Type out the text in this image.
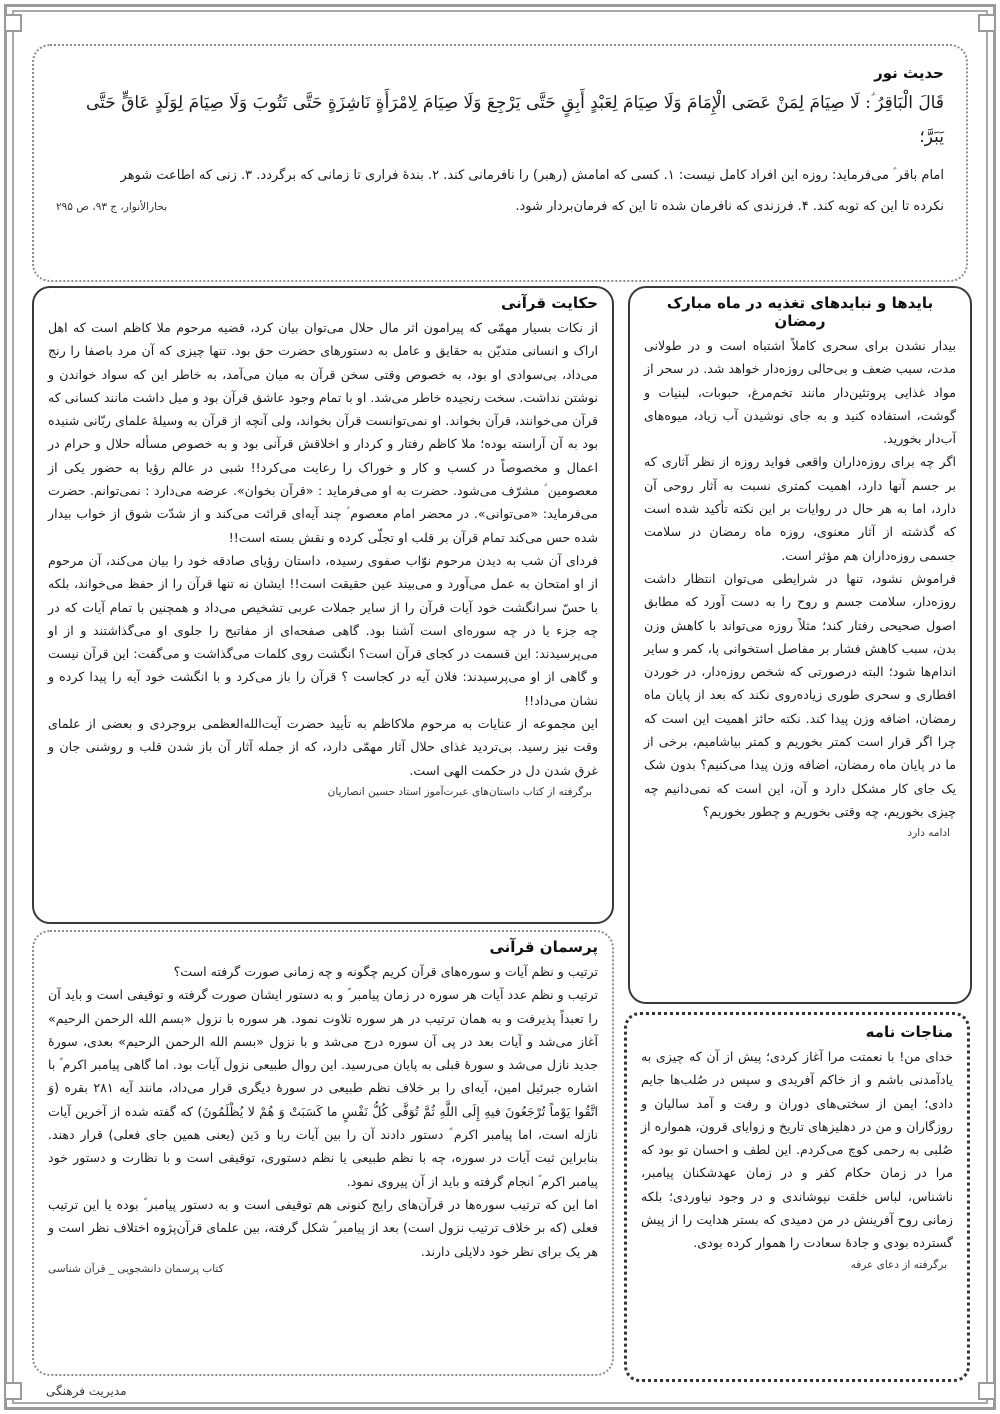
حدیث نور

قَالَ الْبَاقِرُ ؑ: لَا صِيَامَ لِمَنْ عَصَى الْإِمَامَ وَلَا صِيَامَ لِعَبْدٍ أَبِقٍ حَتَّى يَرْجِعَ وَلَا صِيَامَ لِامْرَأَةٍ نَاشِزَةٍ حَتَّى تَتُوبَ وَلَا صِيَامَ لِوَلَدٍ عَاقٍّ حَتَّى يَبَرَّ؛

امام باقر ؑ می‌فرماید: روزه این افراد کامل نیست: ۱. کسی که امامش (رهبر) را نافرمانی کند. ۲. بندهٔ فراری تا زمانی که برگردد. ۳. زنی که اطاعت شوهر

نکرده تا این که توبه کند. ۴. فرزندی که نافرمان شده تا این که فرمان‌بردار شود.

بحارالأنوار، ج ۹۳، ص ۲۹۵
حکایت قرآنی

از نکات بسیار مهمّی که پیرامون اثر مال حلال می‌توان بیان کرد، قضیه مرحوم ملا کاظم است که اهل اراک و انسانی متدیّن به حقایق و عامل به دستورهای حضرت حق بود. تنها چیزی که آن مرد باصفا را رنج می‌داد، بی‌سوادی او بود، به خصوص وقتی سخن قرآن به میان می‌آمد، به خاطر این که سواد خواندن و نوشتن نداشت. سخت رنجیده خاطر می‌شد. او با تمام وجود عاشق قرآن بود و میل داشت مانند کسانی که قرآن می‌خوانند، قرآن بخواند. او نمی‌توانست قرآن بخواند، ولی آنچه از قرآن به وسیلهٔ علمای ربّانی شنیده بود به آن آراسته بوده؛ ملا کاظم رفتار و کردار و اخلاقش قرآنی بود و به خصوص مسأله حلال و حرام در اعمال و مخصوصاً در کسب و کار و خوراک را رعایت می‌کرد!! شبی در عالم رؤیا به حضور یکی از معصومین ؑ مشرّف می‌شود. حضرت به او می‌فرماید : «قرآن بخوان». عرضه می‌دارد : نمی‌توانم. حضرت می‌فرماید: «می‌توانی». در محضر امام معصوم ؑ چند آیه‌ای قرائت می‌کند و از شدّت شوق از خواب بیدار شده حس می‌کند تمام قرآن بر قلب او تجلّی کرده و نقش بسته است!!

فردای آن شب به دیدن مرحوم نوّاب صفوی رسیده، داستان رؤیای صادقه خود را بیان می‌کند، آن مرحوم از او امتحان به عمل می‌آورد و می‌بیند عین حقیقت است!! ایشان نه تنها قرآن را از حفظ می‌خواند، بلکه با حسّ سرانگشت خود آیات قرآن را از سایر جملات عربی تشخیص می‌داد و همچنین با تمام آیات که در چه جزء یا در چه سوره‌ای است آشنا بود. گاهی صفحه‌ای از مفاتیح را جلوی او می‌گذاشتند و از او می‌پرسیدند: این قسمت در کجای قرآن است؟ انگشت روی کلمات می‌گذاشت و می‌گفت: این قرآن نیست و گاهی از او می‌پرسیدند: فلان آیه در کجاست ؟ قرآن را باز می‌کرد و با انگشت خود آیه را پیدا کرده و نشان می‌داد!!

این مجموعه از عنایات به مرحوم ملاکاظم به تأیید حضرت آیت‌الله‌العظمی بروجردی و بعضی از علمای وقت نیز رسید. بی‌تردید غذای حلال آثار مهمّی دارد، که از جمله آثار آن باز شدن قلب و روشنی جان و غرق شدن دل در حکمت الهی است.

برگرفته از کتاب داستان‌های عبرت‌آموز استاد حسین انصاریان
بایدها و نبایدهای تغذیه در ماه مبارک رمضان

بیدار نشدن برای سحری کاملاً اشتباه است و در طولانی مدت، سبب ضعف و بی‌حالی روزه‌دار خواهد شد. در سحر از مواد غذایی پروتئین‌دار مانند تخم‌مرغ، حبوبات، لبنیات و گوشت، استفاده کنید و به جای نوشیدن آب زیاد، میوه‌های آب‌دار بخورید.

اگر چه برای روزه‌داران واقعی فواید روزه از نظر آثاری که بر جسم آنها دارد، اهمیت کمتری نسبت به آثار روحی آن دارد، اما به هر حال در روایات بر این نکته تأکید شده است که گذشته از آثار معنوی، روزه ماه رمضان در سلامت جسمی روزه‌داران هم مؤثر است.

فراموش نشود، تنها در شرایطی می‌توان انتظار داشت روزه‌دار، سلامت جسم و روح را به دست آورد که مطابق اصول صحیحی رفتار کند؛ مثلاً روزه می‌تواند با کاهش وزن بدن، سبب کاهش فشار بر مفاصل استخوانی پا، کمر و سایر اندام‌ها شود؛ البته درصورتی که شخص روزه‌دار، در خوردن افطاری و سحری طوری زیاده‌روی نکند که بعد از پایان ماه رمضان، اضافه وزن پیدا کند. نکته حائز اهمیت این است که چرا اگر قرار است کمتر بخوریم و کمتر بیاشامیم، برخی از ما در پایان ماه رمضان، اضافه وزن پیدا می‌کنیم؟ بدون شک یک جای کار مشکل دارد و آن، این است که نمی‌دانیم چه چیزی بخوریم، چه وقتی بخوریم و چطور بخوریم؟

ادامه دارد
پرسمان قرآنی

ترتیب و نظم آیات و سوره‌های قرآن کریم چگونه و چه زمانی صورت گرفته است؟

ترتیب و نظم عدد آیات هر سوره در زمان پیامبر ؐ و به دستور ایشان صورت گرفته و توقیفی است و باید آن را تعبداً پذیرفت و به همان ترتیب در هر سوره تلاوت نمود. هر سوره با نزول «بسم الله الرحمن الرحیم» آغاز می‌شد و آیات بعد در پی آن سوره درج می‌شد و با نزول «بسم الله الرحمن الرحیم» بعدی، سورهٔ جدید نازل می‌شد و سورهٔ قبلی به پایان می‌رسید. این روال طبیعی نزول آیات بود. اما گاهی پیامبر اکرم ؐ با اشاره جبرئیل امین، آیه‌ای را بر خلاف نظم طبیعی در سورهٔ دیگری قرار می‌داد، مانند آیه ۲۸۱ بقره (وَ اتَّقُوا يَوْماً تُرْجَعُونَ فيهِ إِلَى اللَّهِ ثُمَّ تُوَفَّى كُلُّ نَفْسٍ ما كَسَبَتْ وَ هُمْ لا يُظْلَمُونَ) که گفته شده از آخرین آیات نازله است، اما پیامبر اکرم ؐ دستور دادند آن را بین آیات ربا و دَین (یعنی همین جای فعلی) قرار دهند. بنابراین ثبت آیات در سوره، چه با نظم طبیعی یا نظم دستوری، توقیفی است و با نظارت و دستور خود پیامبر اکرم ؐ انجام گرفته و باید از آن پیروی نمود.

اما این که ترتیب سوره‌ها در قرآن‌های رایج کنونی هم توقیفی است و به دستور پیامبر ؐ بوده یا این ترتیب فعلی (که بر خلاف ترتیب نزول است) بعد از پیامبر ؐ شکل گرفته، بین علمای قرآن‌پژوه اختلاف نظر است و هر یک برای نظر خود دلایلی دارند.

کتاب پرسمان دانشجویی _ قرآن شناسی
مناجات نامه

خدای من! با نعمتت مرا آغاز کردی؛ پیش از آن که چیزی به یادآمدنی باشم و از خاکم آفریدی و سپس در صُلب‌ها جایم دادی؛ ایمن از سختی‌های دوران و رفت و آمد سالیان و روزگاران و من در دهلیزهای تاریخ و زوایای قرون، همواره از صُلبی به رحمی کوچ می‌کردم. این لطف و احسان تو بود که مرا در زمان حکام کفر و در زمان عهدشکنان پیامبر، ناشناس، لباس خلقت نپوشاندی و در وجود نیاوردی؛ بلکه زمانی روح آفرینش در من دمیدی که بستر هدایت را از پیش گسترده بودی و جادهٔ سعادت را هموار کرده بودی.

برگرفته از دعای عرفه
مدیریت فرهنگی
